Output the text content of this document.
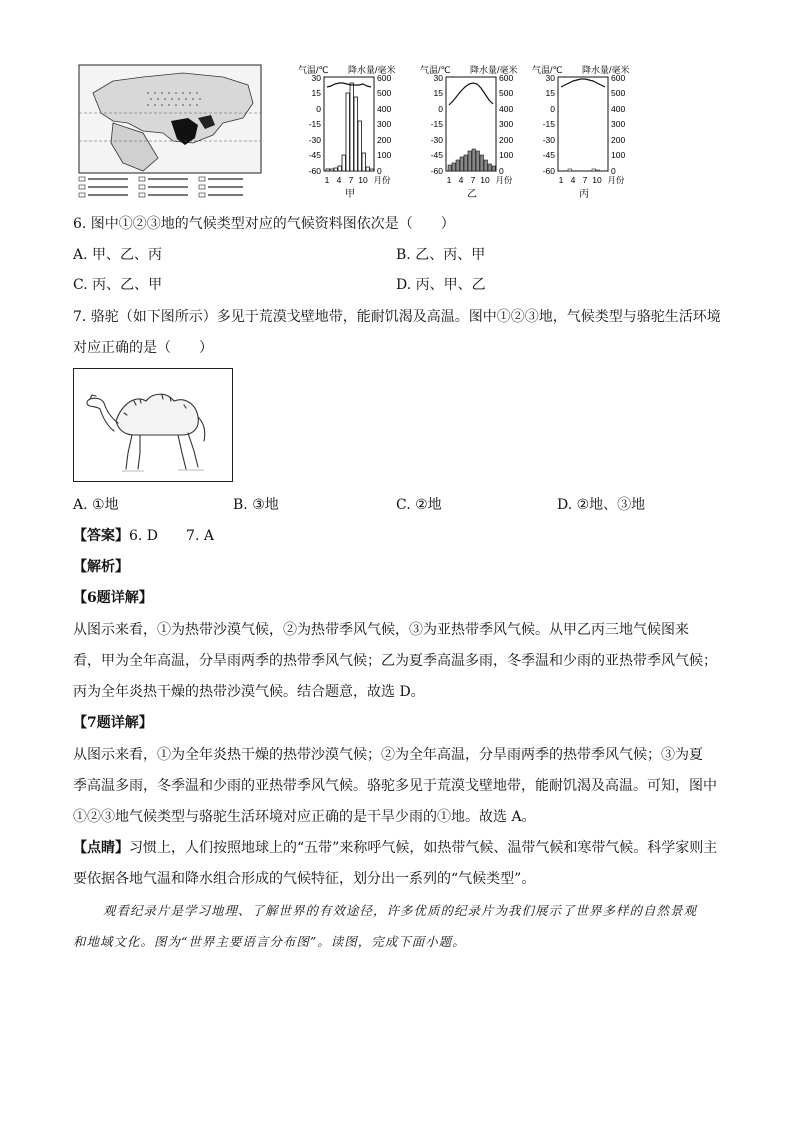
气温/℃ 降水量/毫米
30
15
0
-15
-30
-45
-60
600
500
400
300
200
100
0
1 4 7 10 月份
甲
气温/℃ 降水量/毫米
30
15
0
-15
-30
-45
-60
600
500
400
300
200
100
0
1 4 7 10 月份
乙
气温/℃ 降水量/毫米
30
15
0
-15
-30
-45
-60
600
500
400
300
200
100
0
1 4 7 10 月份
丙
6. 图中①②③地的气候类型对应的气候资料图依次是（　　）
A. 甲、乙、丙	B. 乙、丙、甲
C. 丙、乙、甲	D. 丙、甲、乙
7. 骆驼（如下图所示）多见于荒漠戈壁地带，能耐饥渴及高温。图中①②③地，气候类型与骆驼生活环境
对应正确的是（　　）
A. ①地	B. ③地	C. ②地	D. ②地、③地
【答案】6. D　　7. A
【解析】
【6题详解】
从图示来看，①为热带沙漠气候，②为热带季风气候，③为亚热带季风气候。从甲乙丙三地气候图来
看，甲为全年高温，分旱雨两季的热带季风气候；乙为夏季高温多雨，冬季温和少雨的亚热带季风气候；
丙为全年炎热干燥的热带沙漠气候。结合题意，故选 D。
【7题详解】
从图示来看，①为全年炎热干燥的热带沙漠气候；②为全年高温，分旱雨两季的热带季风气候；③为夏
季高温多雨，冬季温和少雨的亚热带季风气候。骆驼多见于荒漠戈壁地带，能耐饥渴及高温。可知，图中
①②③地气候类型与骆驼生活环境对应正确的是干旱少雨的①地。故选 A。
【点睛】习惯上，人们按照地球上的“五带”来称呼气候，如热带气候、温带气候和寒带气候。科学家则主
要依据各地气温和降水组合形成的气候特征，划分出一系列的“气候类型”。
观看纪录片是学习地理、了解世界的有效途径，许多优质的纪录片为我们展示了世界多样的自然景观
和地域文化。图为“世界主要语言分布图”。读图，完成下面小题。
